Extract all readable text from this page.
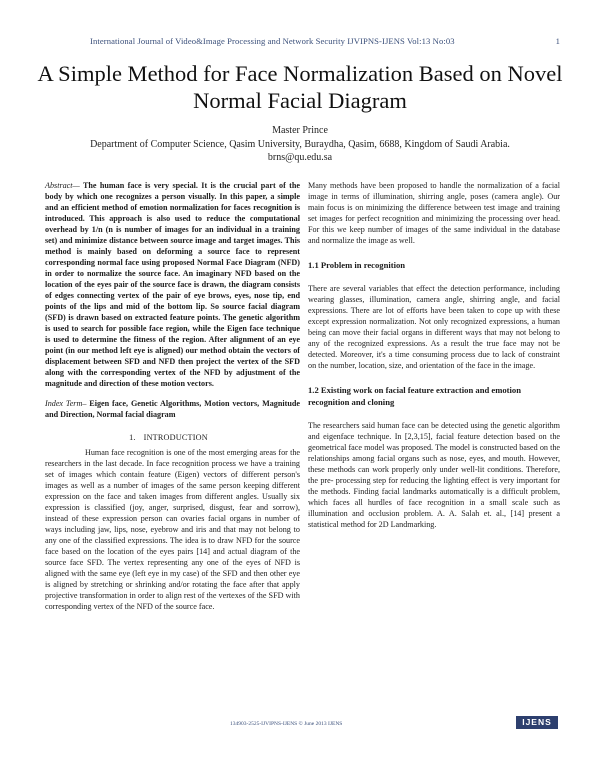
International Journal of Video&Image Processing and Network Security IJVIPNS-IJENS Vol:13 No:03	1
A Simple Method for Face Normalization Based on Novel Normal Facial Diagram
Master Prince
Department of Computer Science, Qasim University, Buraydha, Qasim, 6688, Kingdom of Saudi Arabia.
brns@qu.edu.sa
Abstract— The human face is very special. It is the crucial part of the body by which one recognizes a person visually. In this paper, a simple and an efficient method of emotion normalization for faces recognition is introduced. This approach is also used to reduce the computational overhead by 1/n (n is number of images for an individual in a training set) and minimize distance between source image and target images. This method is mainly based on deforming a source face to represent corresponding normal face using proposed Normal Face Diagram (NFD) in order to normalize the source face. An imaginary NFD based on the location of the eyes pair of the source face is drawn, the diagram consists of edges connecting vertex of the pair of eye brows, eyes, nose tip, end points of the lips and mid of the bottom lip. So source facial diagram (SFD) is drawn based on extracted feature points. The genetic algorithm is used to search for possible face region, while the Eigen face technique is used to determine the fitness of the region. After alignment of an eye point (in our method left eye is aligned) our method obtain the vectors of displacement between SFD and NFD then project the vertex of the SFD along with the corresponding vertex of the NFD by adjustment of the magnitude and direction of these motion vectors.
Index Term– Eigen face, Genetic Algorithms, Motion vectors, Magnitude and Direction, Normal facial diagram
1. INTRODUCTION
Human face recognition is one of the most emerging areas for the researchers in the last decade. In face recognition process we have a training set of images which contain feature (Eigen) vectors of different person's images as well as a number of images of the same person keeping different expression on the face and taken images from different angles. Usually six expression is classified (joy, anger, surprised, disgust, fear and sorrow), instead of these expression person can ovaries facial organs in number of ways including jaw, lips, nose, eyebrow and iris and that may not belong to any one of the classified expressions. The idea is to draw NFD for the source face based on the location of the eyes pairs [14] and actual diagram of the source face SFD. The vertex representing any one of the eyes of NFD is aligned with the same eye (left eye in my case) of the SFD and then other eye is aligned by stretching or shrinking and/or rotating the face after that apply projective transformation in order to align rest of the vertexes of the SFD with corresponding vertex of the NFD of the source face.

Many methods have been proposed to handle the normalization of a facial image in terms of illumination, shirring angle, poses (camera angle). Our main focus is on minimizing the difference between test image and training set images for perfect recognition and minimizing the processing over head. For this we keep number of images of the same individual in the database and normalize the image as well.

1.1 Problem in recognition

There are several variables that effect the detection performance, including wearing glasses, illumination, camera angle, shirring angle, and facial expressions. There are lot of efforts have been taken to cope up with these except expression normalization. Not only recognized expressions, a human being can move their facial organs in different ways that may not belong to any of the recognized expressions. As a result the true face may not be detected. Moreover, it's a time consuming process due to lack of constraint on the number, location, size, and orientation of the face in the image.

1.2 Existing work on facial feature extraction and emotion recognition and cloning

The researchers said human face can be detected using the genetic algorithm and eigenface technique. In [2,3,15], facial feature detection based on the geometrical face model was proposed. The model is constructed based on the relationships among facial organs such as nose, eyes, and mouth. However, these methods can work properly only under well-lit conditions. Therefore, the pre- processing step for reducing the lighting effect is very important for the methods. Finding facial landmarks automatically is a difficult problem, which faces all hurdles of face recognition in a small scale such as illumination and occlusion problem. A. A. Salah et. al., [14] present a statistical method for 2D Landmarking.

134903-2525-IJVIPNS-IJENS © June 2013 IJENS	IJENS
